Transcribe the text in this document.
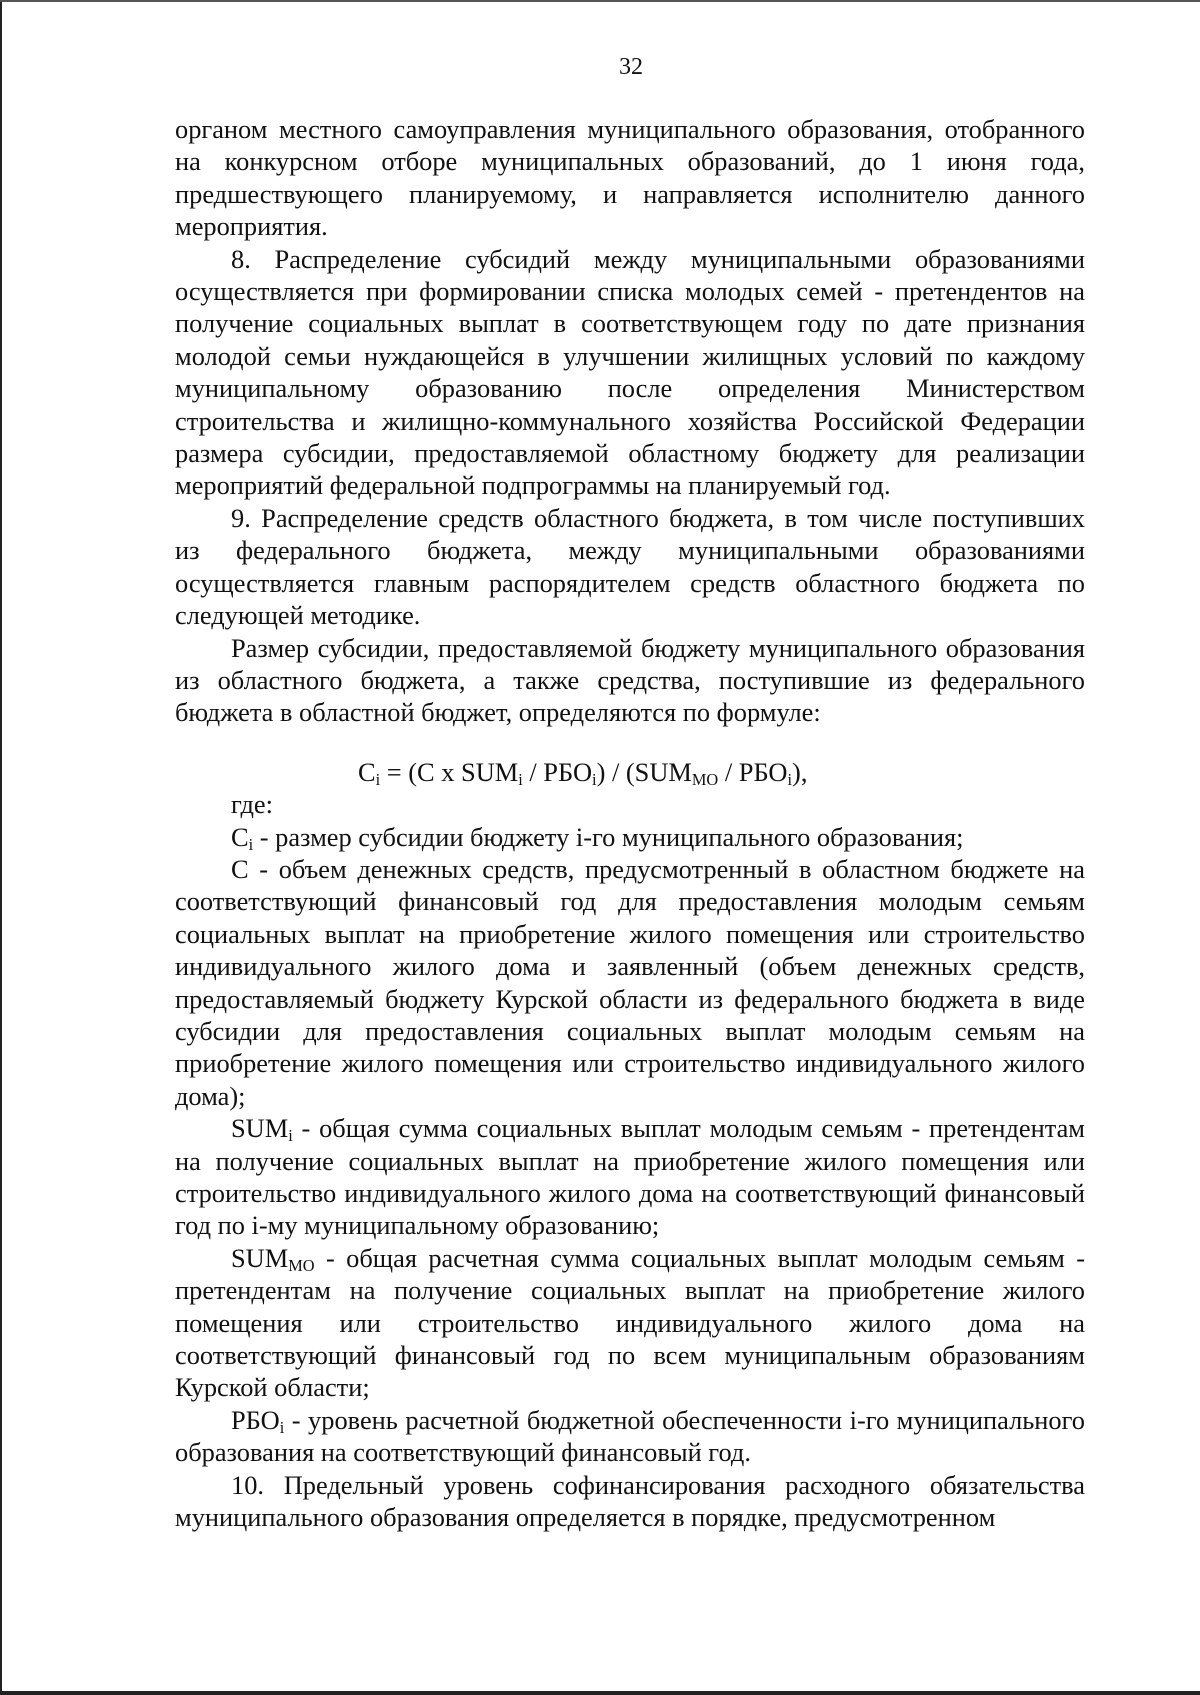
32

органом местного самоуправления муниципального образования, отобранного на конкурсном отборе муниципальных образований, до 1 июня года, предшествующего планируемому, и направляется исполнителю данного мероприятия.

8. Распределение субсидий между муниципальными образованиями осуществляется при формировании списка молодых семей - претендентов на получение социальных выплат в соответствующем году по дате признания молодой семьи нуждающейся в улучшении жилищных условий по каждому муниципальному образованию после определения Министерством строительства и жилищно-коммунального хозяйства Российской Федерации размера субсидии, предоставляемой областному бюджету для реализации мероприятий федеральной подпрограммы на планируемый год.

9. Распределение средств областного бюджета, в том числе поступивших из федерального бюджета, между муниципальными образованиями осуществляется главным распорядителем средств областного бюджета по следующей методике.

Размер субсидии, предоставляемой бюджету муниципального образования из областного бюджета, а также средства, поступившие из федерального бюджета в областной бюджет, определяются по формуле:

$C_i = (С$ х $SUM_i / РБО_i) / (SUM_{МО} / РБО_i)$,

где:

$C_i$ - размер субсидии бюджету i-го муниципального образования;

С - объем денежных средств, предусмотренный в областном бюджете на соответствующий финансовый год для предоставления молодым семьям социальных выплат на приобретение жилого помещения или строительство индивидуального жилого дома и заявленный (объем денежных средств, предоставляемый бюджету Курской области из федерального бюджета в виде субсидии для предоставления социальных выплат молодым семьям на приобретение жилого помещения или строительство индивидуального жилого дома);

$SUM_i$ - общая сумма социальных выплат молодым семьям - претендентам на получение социальных выплат на приобретение жилого помещения или строительство индивидуального жилого дома на соответствующий финансовый год по i-му муниципальному образованию;

$SUM_{МО}$ - общая расчетная сумма социальных выплат молодым семьям - претендентам на получение социальных выплат на приобретение жилого помещения или строительство индивидуального жилого дома на соответствующий финансовый год по всем муниципальным образованиям Курской области;

$РБО_i$ - уровень расчетной бюджетной обеспеченности i-го муниципального образования на соответствующий финансовый год.

10. Предельный уровень софинансирования расходного обязательства муниципального образования определяется в порядке, предусмотренном
